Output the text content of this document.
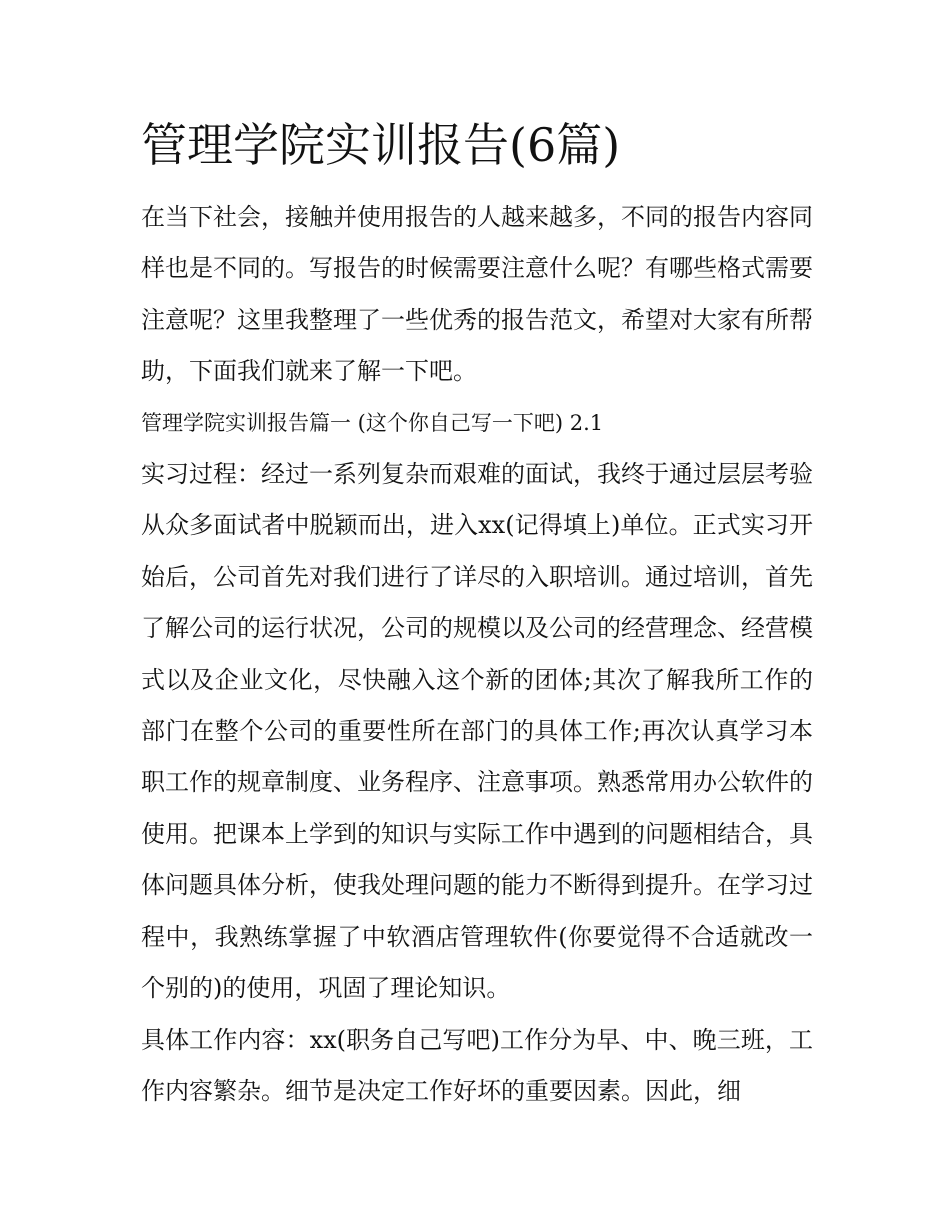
管理学院实训报告(6篇)

在当下社会，接触并使用报告的人越来越多，不同的报告内容同样也是不同的。写报告的时候需要注意什么呢？有哪些格式需要注意呢？这里我整理了一些优秀的报告范文，希望对大家有所帮助，下面我们就来了解一下吧。

管理学院实训报告篇一 (这个你自己写一下吧) 2.1

实习过程：经过一系列复杂而艰难的面试，我终于通过层层考验从众多面试者中脱颖而出，进入xx(记得填上)单位。正式实习开始后，公司首先对我们进行了详尽的入职培训。通过培训，首先了解公司的运行状况，公司的规模以及公司的经营理念、经营模式以及企业文化，尽快融入这个新的团体;其次了解我所工作的部门在整个公司的重要性所在部门的具体工作;再次认真学习本职工作的规章制度、业务程序、注意事项。熟悉常用办公软件的使用。把课本上学到的知识与实际工作中遇到的问题相结合，具体问题具体分析，使我处理问题的能力不断得到提升。在学习过程中，我熟练掌握了中软酒店管理软件(你要觉得不合适就改一个别的)的使用，巩固了理论知识。

具体工作内容：xx(职务自己写吧)工作分为早、中、晚三班，工作内容繁杂。细节是决定工作好坏的重要因素。因此，细
